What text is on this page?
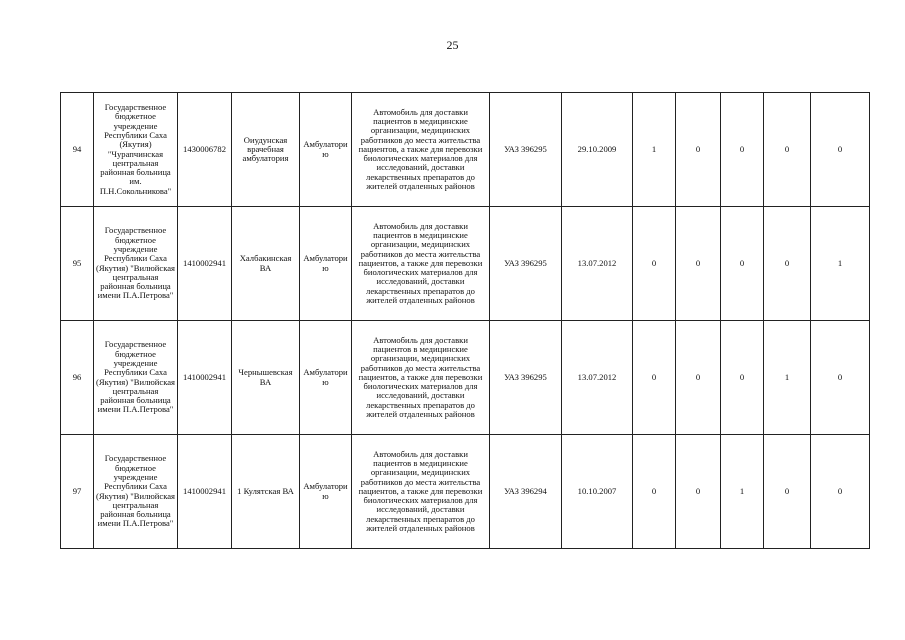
25
94	Государственное бюджетное учреждение Республики Саха (Якутия) "Чурапчинская центральная районная больница им. П.Н.Сокольникова"	1430006782	Оиудунская врачебная амбулатория	Амбулаторию	Автомобиль для доставки пациентов в медицинские организации, медицинских работников до места жительства пациентов, а также для перевозки биологических материалов для исследований, доставки лекарственных препаратов до жителей отдаленных районов	УАЗ 396295	29.10.2009	1	0	0	0	0
95	Государственное бюджетное учреждение Республики Саха (Якутия) "Вилюйская центральная районная больница имени П.А.Петрова"	1410002941	Халбакинская ВА	Амбулаторию	Автомобиль для доставки пациентов в медицинские организации, медицинских работников до места жительства пациентов, а также для перевозки биологических материалов для исследований, доставки лекарственных препаратов до жителей отдаленных районов	УАЗ 396295	13.07.2012	0	0	0	0	1
96	Государственное бюджетное учреждение Республики Саха (Якутия) "Вилюйская центральная районная больница имени П.А.Петрова"	1410002941	Чернышевская ВА	Амбулаторию	Автомобиль для доставки пациентов в медицинские организации, медицинских работников до места жительства пациентов, а также для перевозки биологических материалов для исследований, доставки лекарственных препаратов до жителей отдаленных районов	УАЗ 396295	13.07.2012	0	0	0	1	0
97	Государственное бюджетное учреждение Республики Саха (Якутия) "Вилюйская центральная районная больница имени П.А.Петрова"	1410002941	1 Кулятская ВА	Амбулаторию	Автомобиль для доставки пациентов в медицинские организации, медицинских работников до места жительства пациентов, а также для перевозки биологических материалов для исследований, доставки лекарственных препаратов до жителей отдаленных районов	УАЗ 396294	10.10.2007	0	0	1	0	0
